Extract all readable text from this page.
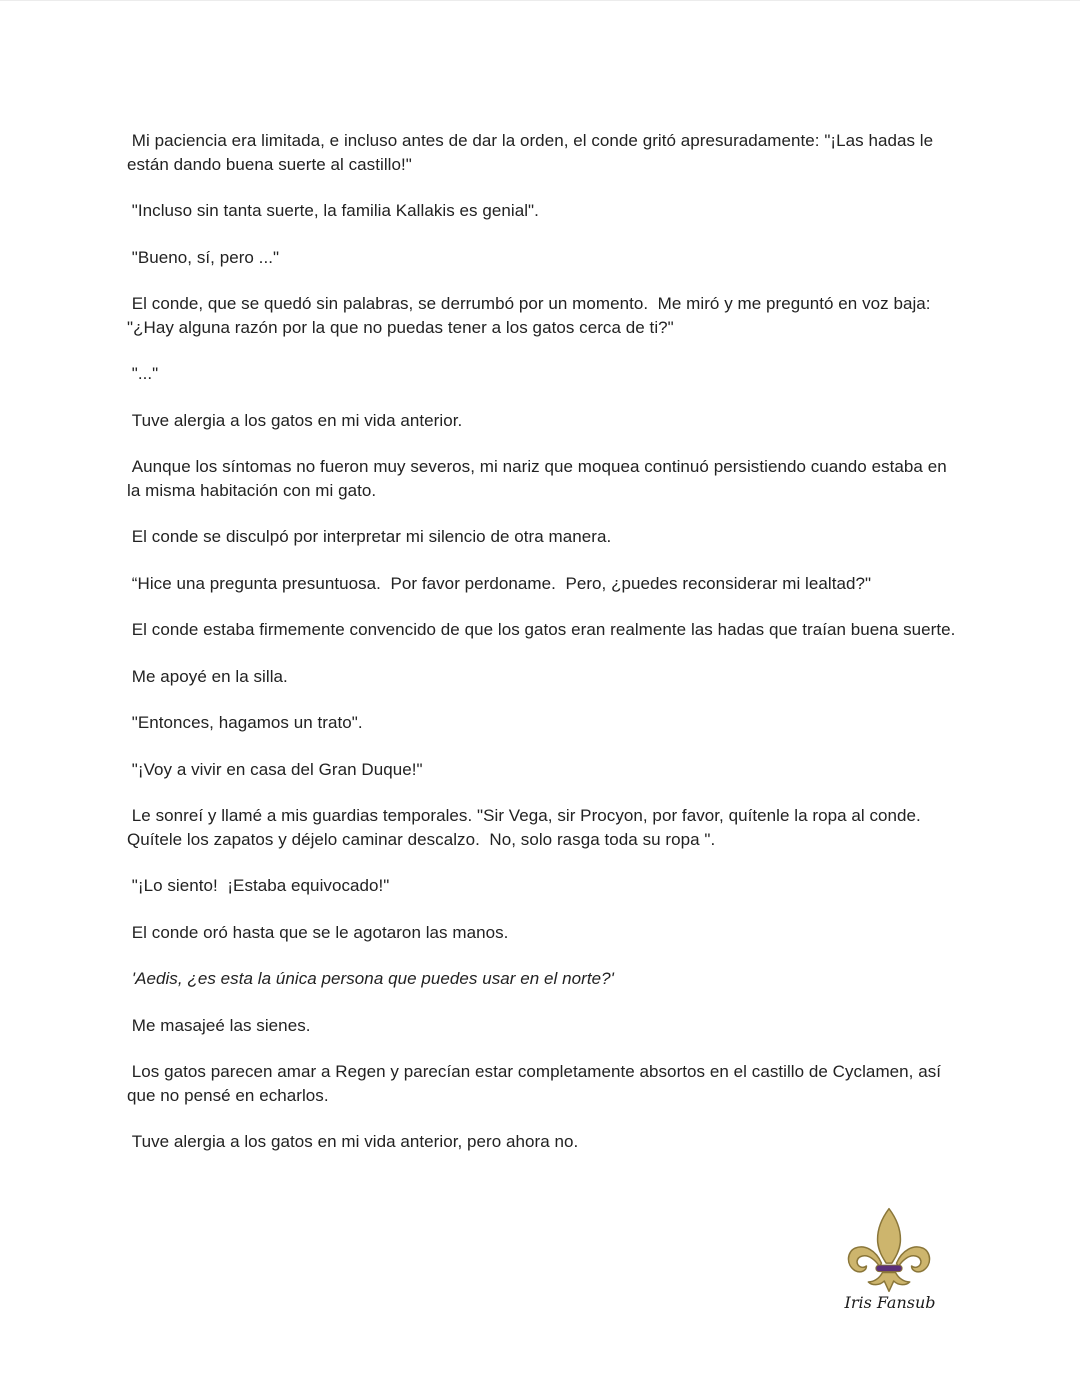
Mi paciencia era limitada, e incluso antes de dar la orden, el conde gritó apresuradamente: "¡Las hadas le están dando buena suerte al castillo!"

"Incluso sin tanta suerte, la familia Kallakis es genial".

"Bueno, sí, pero ..."

El conde, que se quedó sin palabras, se derrumbó por un momento.  Me miró y me preguntó en voz baja: "¿Hay alguna razón por la que no puedas tener a los gatos cerca de ti?"

"..."

Tuve alergia a los gatos en mi vida anterior.

Aunque los síntomas no fueron muy severos, mi nariz que moquea continuó persistiendo cuando estaba en la misma habitación con mi gato.

El conde se disculpó por interpretar mi silencio de otra manera.

“Hice una pregunta presuntuosa.  Por favor perdoname.  Pero, ¿puedes reconsiderar mi lealtad?"

El conde estaba firmemente convencido de que los gatos eran realmente las hadas que traían buena suerte.

Me apoyé en la silla.

"Entonces, hagamos un trato".

"¡Voy a vivir en casa del Gran Duque!"

Le sonreí y llamé a mis guardias temporales. "Sir Vega, sir Procyon, por favor, quítenle la ropa al conde.  Quítele los zapatos y déjelo caminar descalzo.  No, solo rasga toda su ropa ".

"¡Lo siento!  ¡Estaba equivocado!"

El conde oró hasta que se le agotaron las manos.

'Aedis, ¿es esta la única persona que puedes usar en el norte?'

Me masajeé las sienes.

Los gatos parecen amar a Regen y parecían estar completamente absortos en el castillo de Cyclamen, así que no pensé en echarlos.

Tuve alergia a los gatos en mi vida anterior, pero ahora no.

Iris Fansub
